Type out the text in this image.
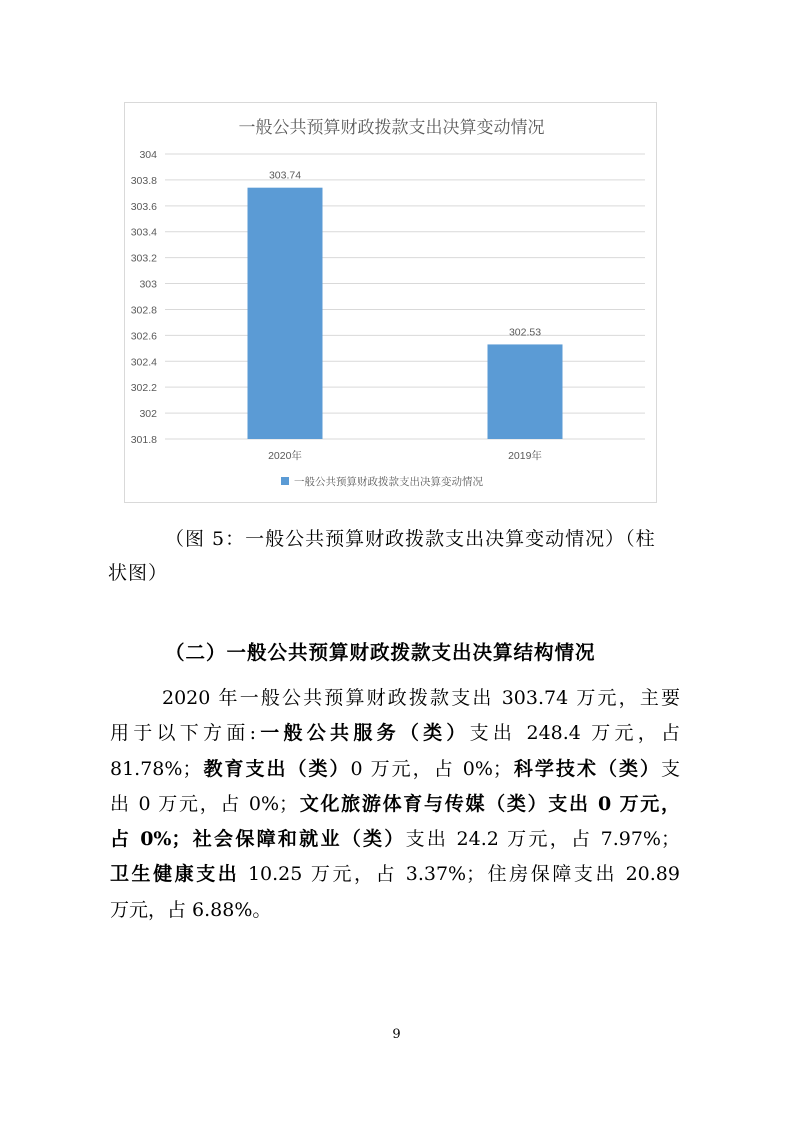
一般公共预算财政拨款支出决算变动情况
301.8
302
302.2
302.4
302.6
302.8
303
303.2
303.4
303.6
303.8
304
303.74
2020年
302.53
2019年
一般公共预算财政拨款支出决算变动情况
（图 5：一般公共预算财政拨款支出决算变动情况）（柱
状图）
（二）一般公共预算财政拨款支出决算结构情况
2020 年一般公共预算财政拨款支出 303.74 万元，主要
用于以下方面:一般公共服务（类）支出 248.4 万元，占
81.78%；教育支出（类）0 万元，占 0%；科学技术（类）支
出 0 万元，占 0%；文化旅游体育与传媒（类）支出 0 万元，
占 0%；社会保障和就业（类）支出 24.2 万元，占 7.97%；
卫生健康支出 10.25 万元，占 3.37%；住房保障支出 20.89
万元，占 6.88%。
9
